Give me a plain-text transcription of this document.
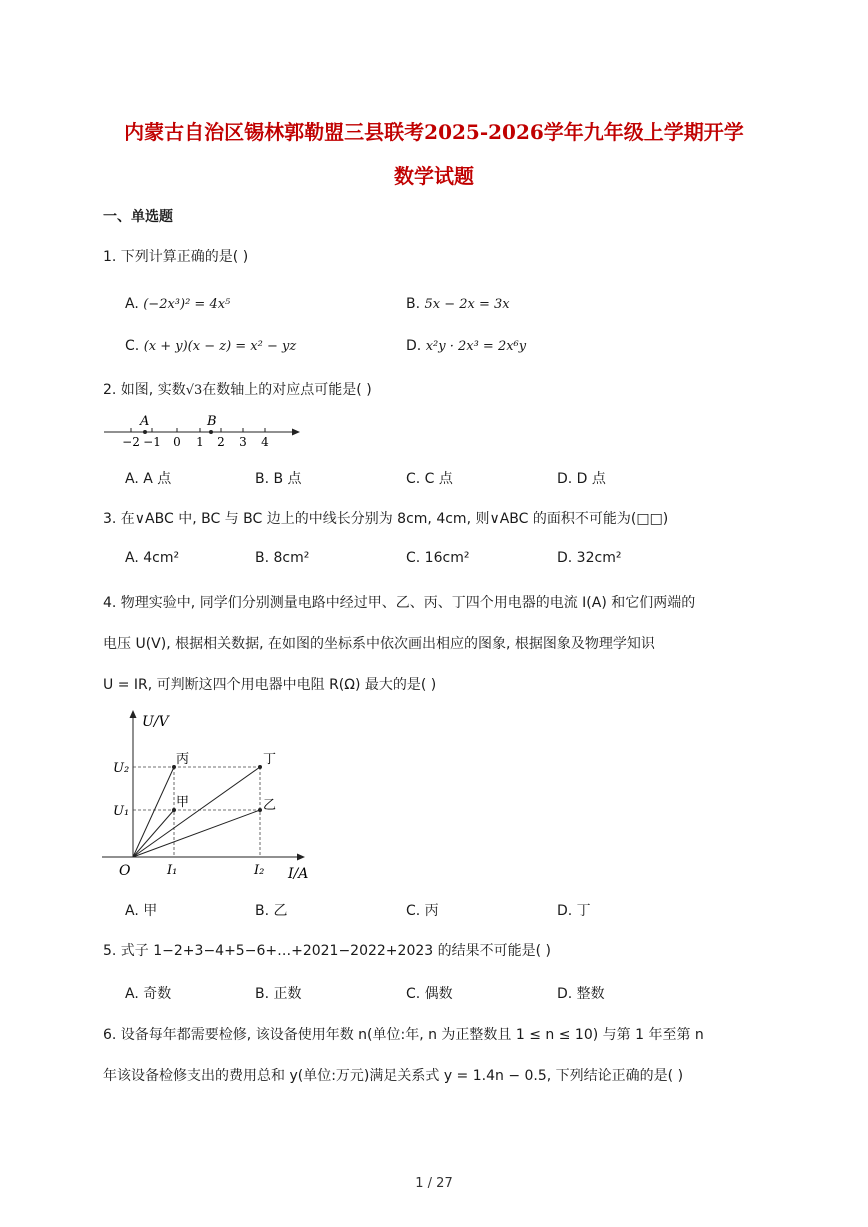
内蒙古自治区锡林郭勒盟三县联考2025-2026学年九年级上学期开学
数学试题
一、单选题
1. 下列计算正确的是( )
A. (−2x³)² = 4x⁵	B. 5x − 2x = 3x
C. (x + y)(x − z) = x² − yz	D. x²y · 2x³ = 2x⁶y
2. 如图, 实数√3在数轴上的对应点可能是( )
A	B
−2 −1 0 1 2 3 4
A. A 点	B. B 点	C. C 点	D. D 点
3. 在∨ABC 中, BC 与 BC 边上的中线长分别为 8cm, 4cm, 则∨ABC 的面积不可能为(□□)
A. 4cm²	B. 8cm²	C. 16cm²	D. 32cm²
4. 物理实验中, 同学们分别测量电路中经过甲、乙、丙、丁四个用电器的电流 I(A) 和它们两端的
电压 U(V), 根据相关数据, 在如图的坐标系中依次画出相应的图象, 根据图象及物理学知识
U = IR, 可判断这四个用电器中电阻 R(Ω) 最大的是( )
U/V
I/A
O
U₂
U₁
I₁	I₂
丙	丁
甲	乙
A. 甲	B. 乙	C. 丙	D. 丁
5. 式子 1−2+3−4+5−6+…+2021−2022+2023 的结果不可能是( )
A. 奇数	B. 正数	C. 偶数	D. 整数
6. 设备每年都需要检修, 该设备使用年数 n(单位:年, n 为正整数且 1 ≤ n ≤ 10) 与第 1 年至第 n
年该设备检修支出的费用总和 y(单位:万元)满足关系式 y = 1.4n − 0.5, 下列结论正确的是( )
1 / 27
